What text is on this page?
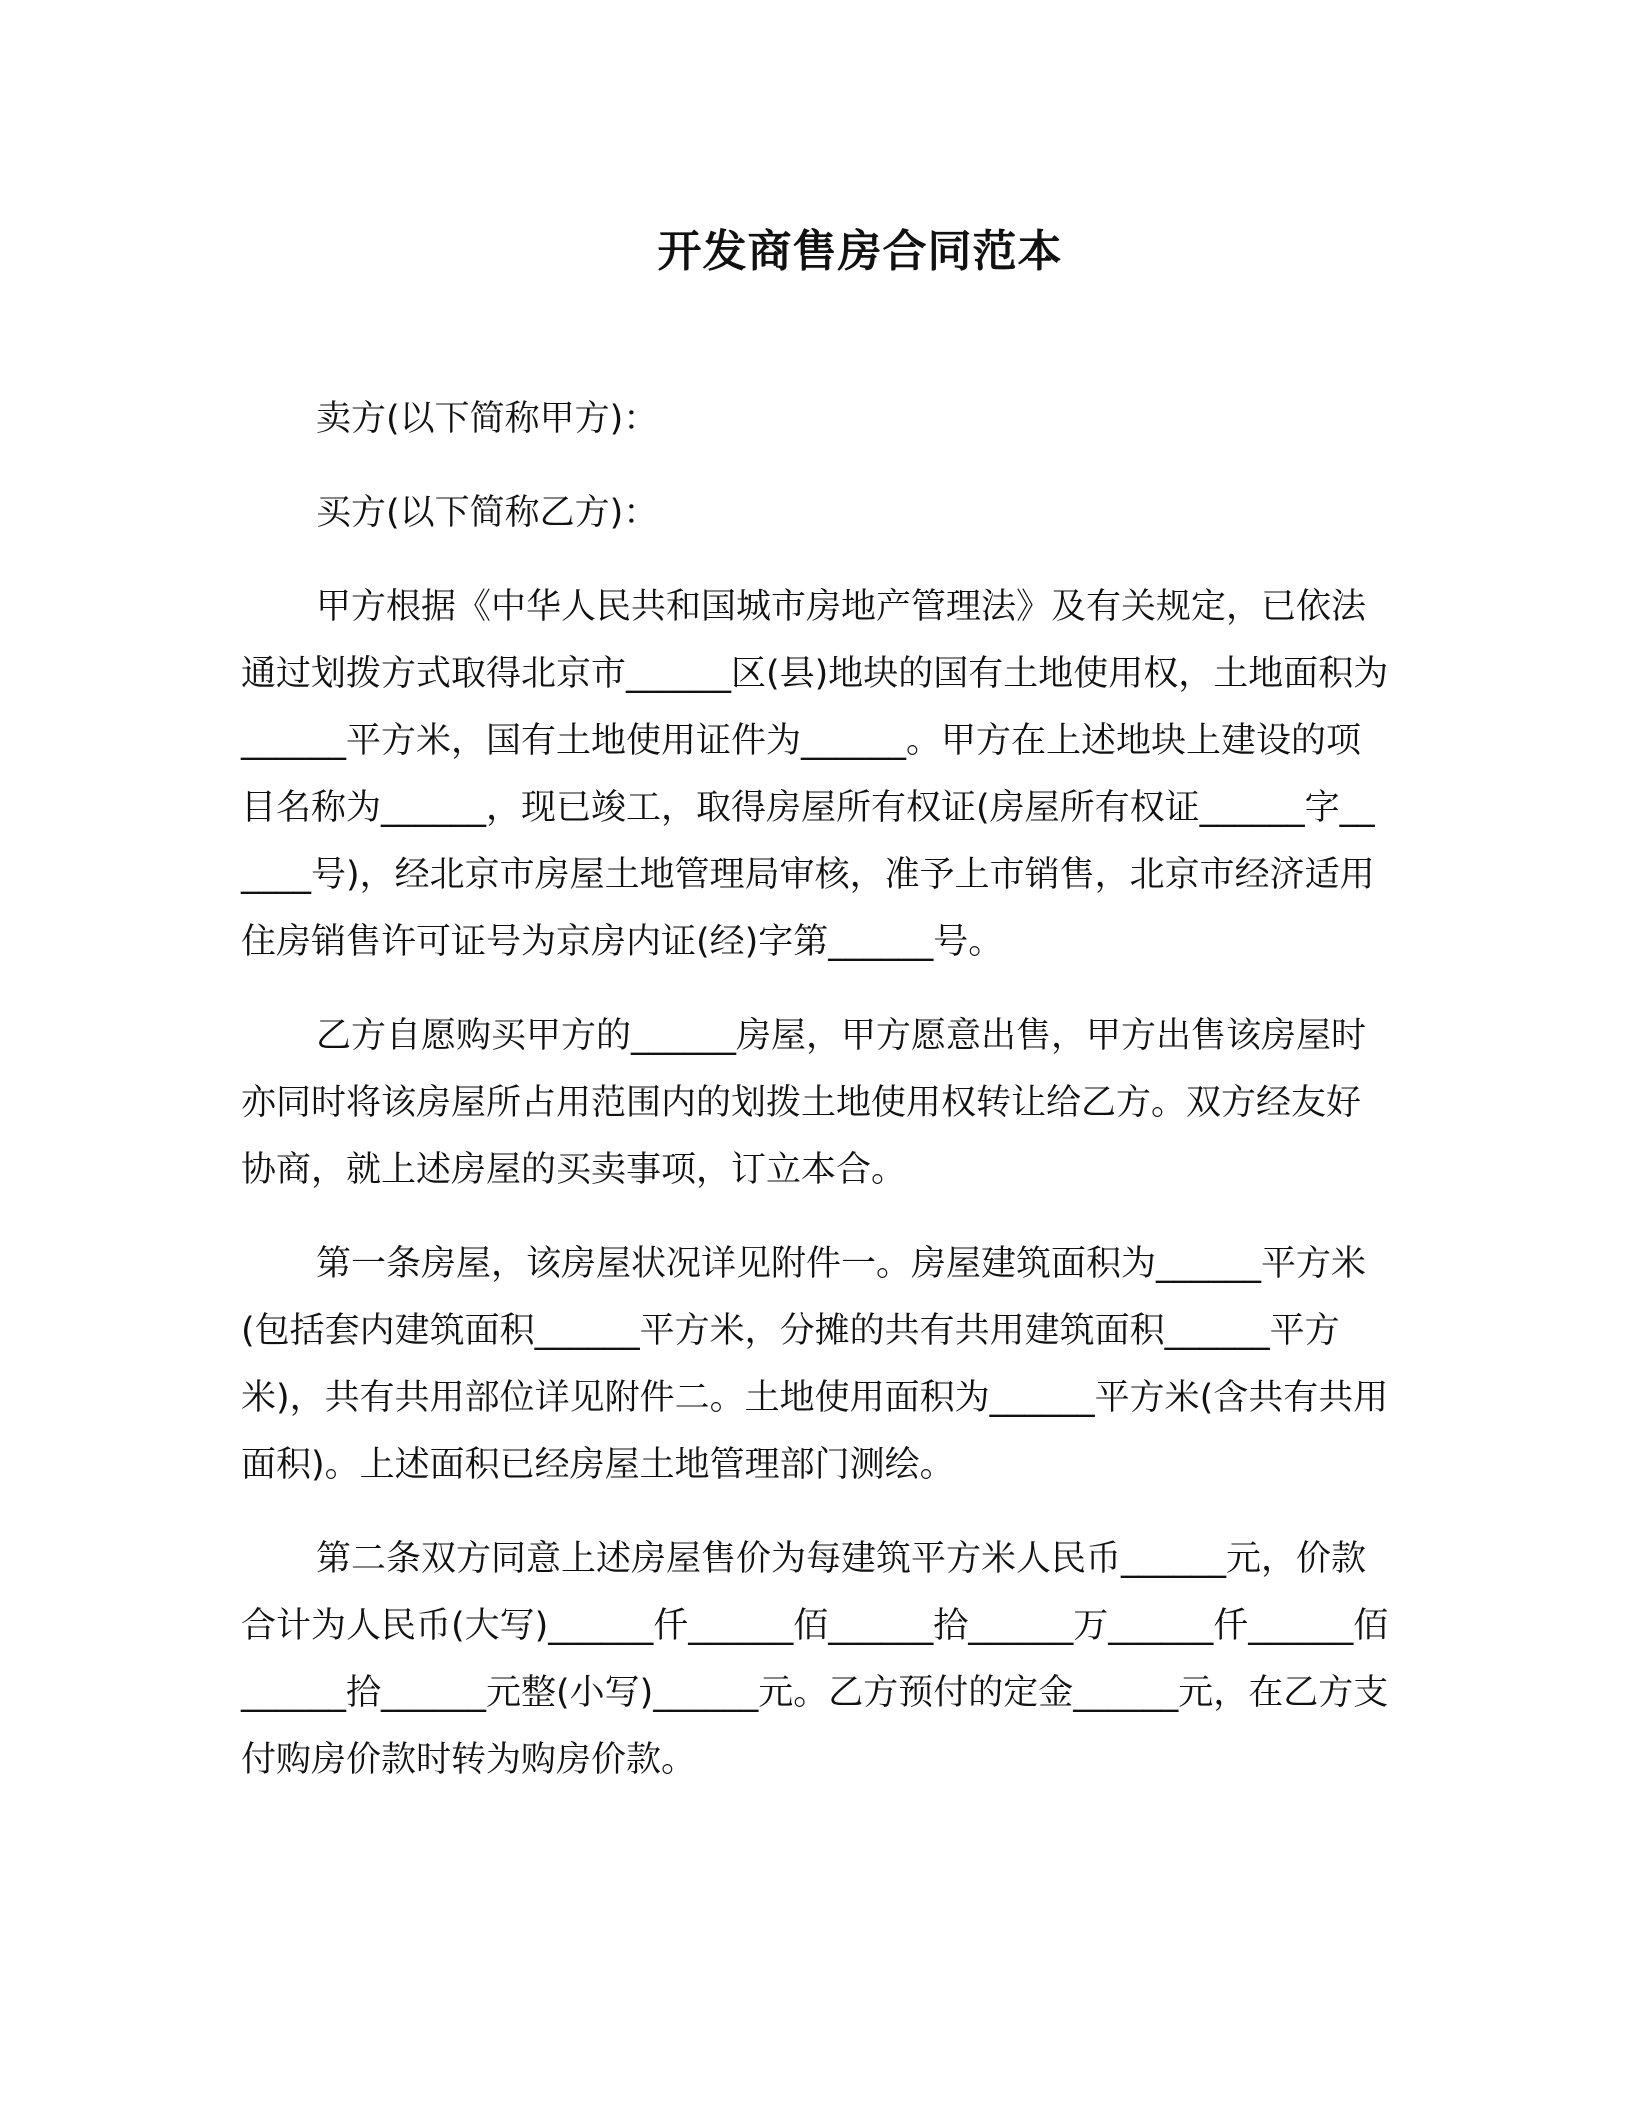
开发商售房合同范本

卖方(以下简称甲方)：

买方(以下简称乙方)：

甲方根据《中华人民共和国城市房地产管理法》及有关规定，已依法通过划拨方式取得北京市______区(县)地块的国有土地使用权，土地面积为______平方米，国有土地使用证件为______。甲方在上述地块上建设的项目名称为______，现已竣工，取得房屋所有权证(房屋所有权证______字______号)，经北京市房屋土地管理局审核，准予上市销售，北京市经济适用住房销售许可证号为京房内证(经)字第______号。

乙方自愿购买甲方的______房屋，甲方愿意出售，甲方出售该房屋时亦同时将该房屋所占用范围内的划拨土地使用权转让给乙方。双方经友好协商，就上述房屋的买卖事项，订立本合。

第一条房屋，该房屋状况详见附件一。房屋建筑面积为______平方米(包括套内建筑面积______平方米，分摊的共有共用建筑面积______平方米)，共有共用部位详见附件二。土地使用面积为______平方米(含共有共用面积)。上述面积已经房屋土地管理部门测绘。

第二条双方同意上述房屋售价为每建筑平方米人民币______元，价款合计为人民币(大写)______仟______佰______拾______万______仟______佰______拾______元整(小写)______元。乙方预付的定金______元，在乙方支付购房价款时转为购房价款。
